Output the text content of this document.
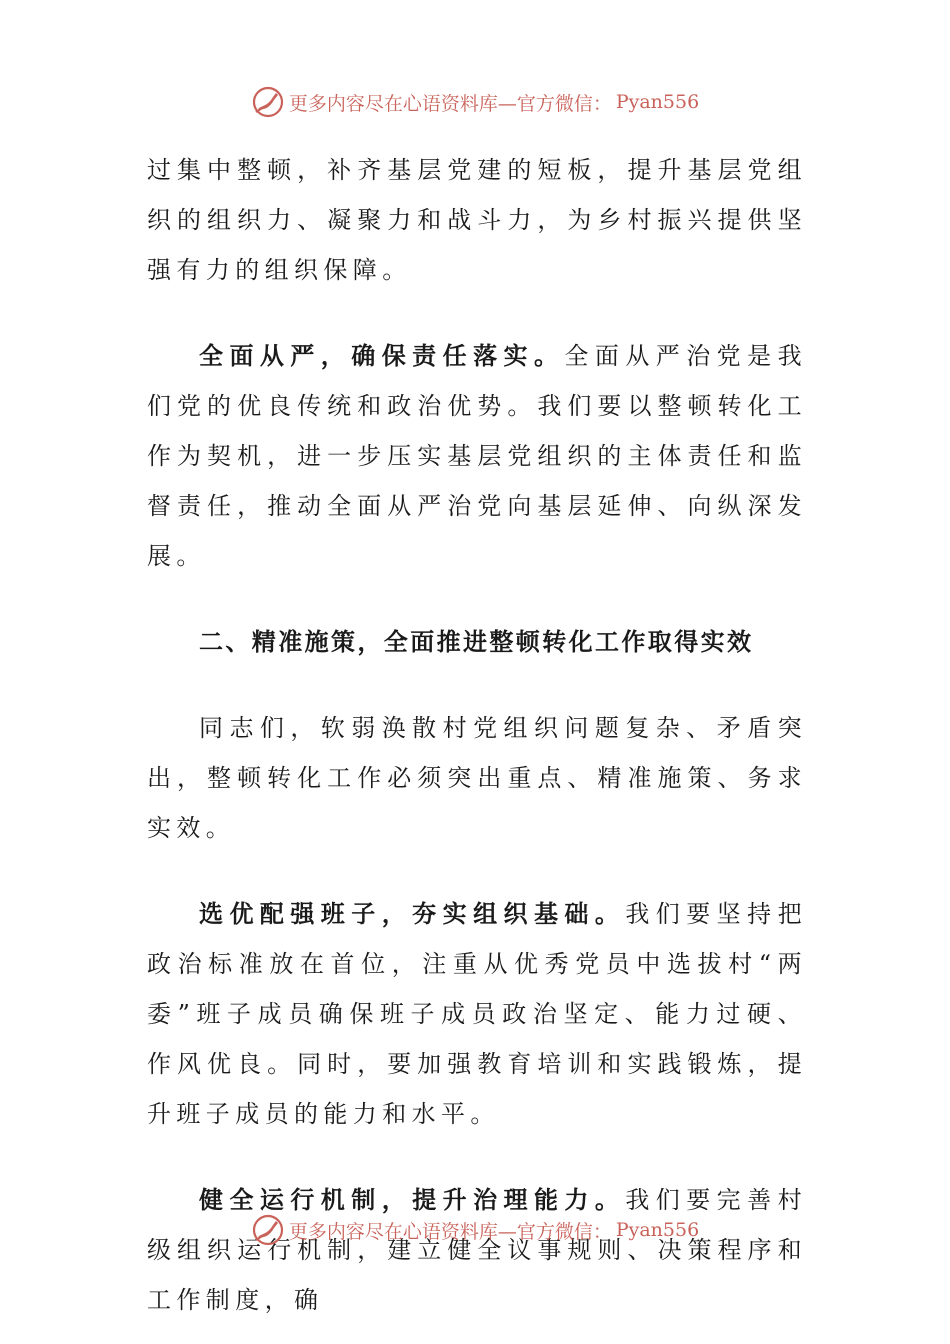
更多内容尽在心语资料库—官方微信： Pyan556

过集中整顿，补齐基层党建的短板，提升基层党组织的组织力、凝聚力和战斗力，为乡村振兴提供坚强有力的组织保障。

全面从严，确保责任落实。全面从严治党是我们党的优良传统和政治优势。我们要以整顿转化工作为契机，进一步压实基层党组织的主体责任和监督责任，推动全面从严治党向基层延伸、向纵深发展。

二、精准施策，全面推进整顿转化工作取得实效

同志们，软弱涣散村党组织问题复杂、矛盾突出，整顿转化工作必须突出重点、精准施策、务求实效。

选优配强班子，夯实组织基础。我们要坚持把政治标准放在首位，注重从优秀党员中选拔村“两委”班子成员确保班子成员政治坚定、能力过硬、作风优良。同时，要加强教育培训和实践锻炼，提升班子成员的能力和水平。

健全运行机制，提升治理能力。我们要完善村级组织运行机制，建立健全议事规则、决策程序和工作制度，确

更多内容尽在心语资料库—官方微信： Pyan556
